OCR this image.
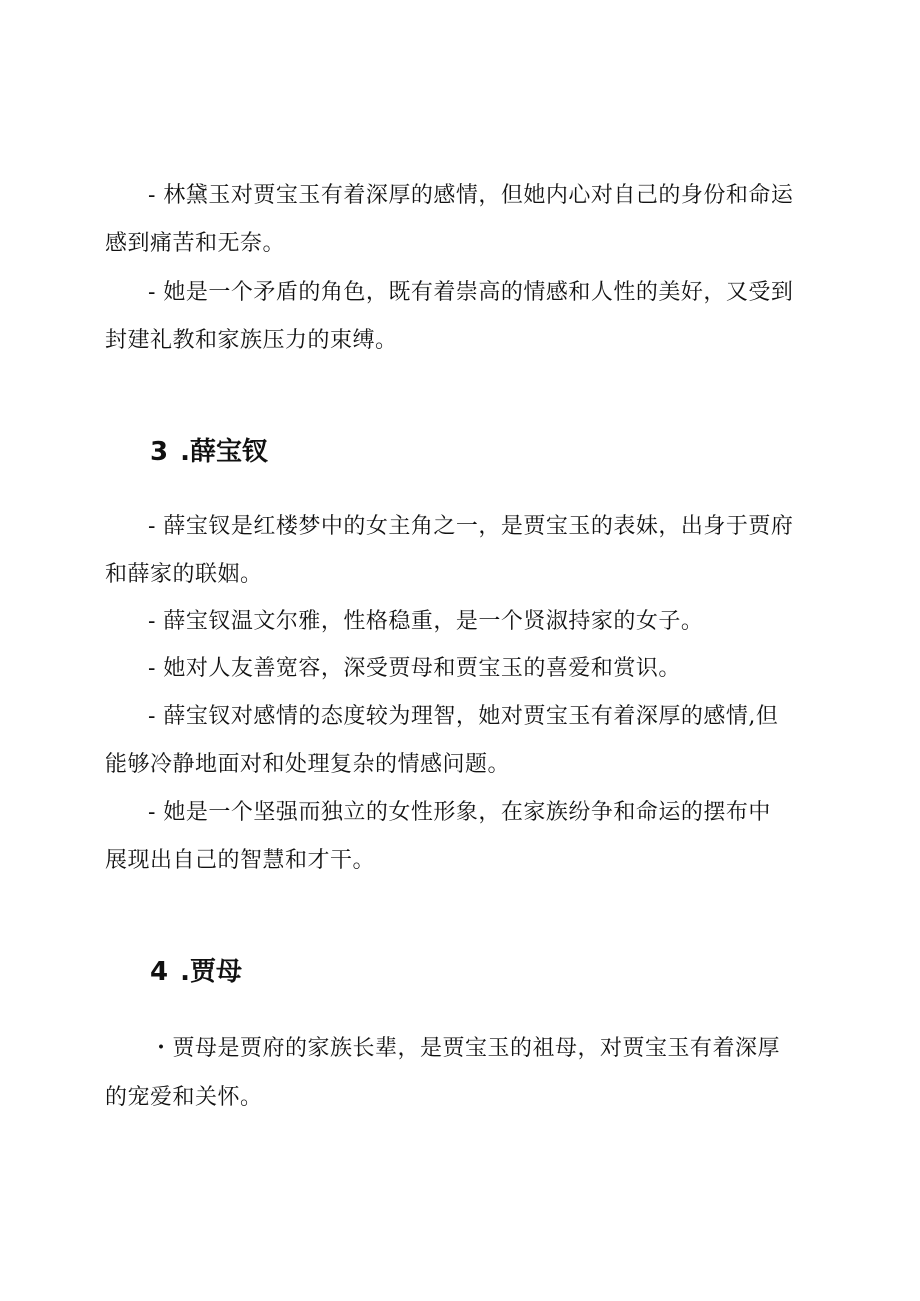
- 林黛玉对贾宝玉有着深厚的感情，但她内心对自己的身份和命运
感到痛苦和无奈。
- 她是一个矛盾的角色，既有着崇高的情感和人性的美好，又受到
封建礼教和家族压力的束缚。
3 .薛宝钗
- 薛宝钗是红楼梦中的女主角之一，是贾宝玉的表妹，出身于贾府
和薛家的联姻。
- 薛宝钗温文尔雅，性格稳重，是一个贤淑持家的女子。
- 她对人友善宽容，深受贾母和贾宝玉的喜爱和赏识。
- 薛宝钗对感情的态度较为理智，她对贾宝玉有着深厚的感情,但
能够冷静地面对和处理复杂的情感问题。
- 她是一个坚强而独立的女性形象，在家族纷争和命运的摆布中
展现出自己的智慧和才干。
4 .贾母
・贾母是贾府的家族长辈，是贾宝玉的祖母，对贾宝玉有着深厚
的宠爱和关怀。
